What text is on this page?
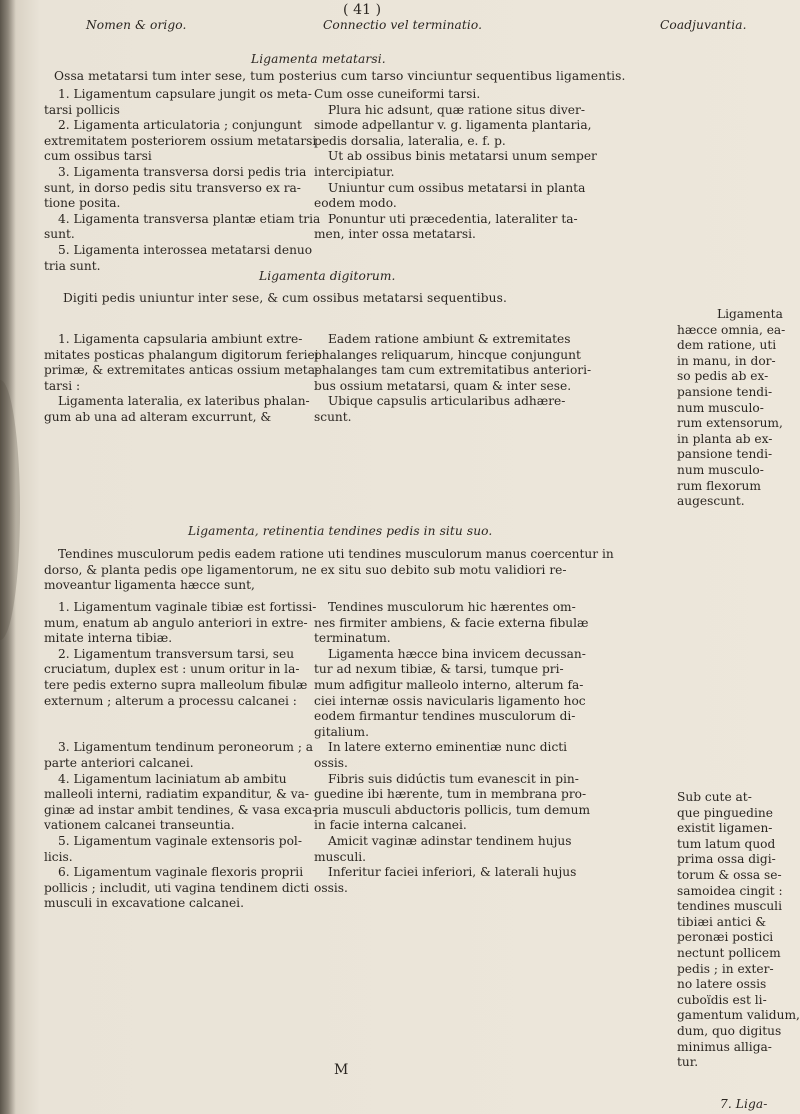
( 41 )
Nomen & origo.	Connectio vel terminatio.	Coadjuvantia.
Ligamenta metatarsi.
Ossa metatarsi tum inter sese, tum posterius cum tarso vinciuntur sequentibus ligamentis.

1. Ligamentum capsulare jungit os meta-

tarsi pollicis

2. Ligamenta articulatoria ; conjungunt

extremitatem posteriorem ossium metatarsi

cum ossibus tarsi

3. Ligamenta transversa dorsi pedis tria

sunt, in dorso pedis situ transverso ex ra-

tione posita.

4. Ligamenta transversa plantæ etiam tria

sunt.

5. Ligamenta interossea metatarsi denuo

tria sunt.

Cum osse cuneiformi tarsi.

Plura hic adsunt, quæ ratione situs diver-

simode adpellantur v. g. ligamenta plantaria,

pedis dorsalia, lateralia, e. f. p.

Ut ab ossibus binis metatarsi unum semper

intercipiatur.

Uniuntur cum ossibus metatarsi in planta

eodem modo.

Ponuntur uti præcedentia, lateraliter ta-

men, inter ossa metatarsi.

Ligamenta digitorum.
Digiti pedis uniuntur inter sese, & cum ossibus metatarsi sequentibus.

1. Ligamenta capsularia ambiunt extre-

mitates posticas phalangum digitorum feriei

primæ, & extremitates anticas ossium meta-

tarsi :

Ligamenta lateralia, ex lateribus phalan-

gum ab una ad alteram excurrunt, &

Eadem ratione ambiunt & extremitates

phalanges reliquarum, hincque conjungunt

phalanges tam cum extremitatibus anteriori-

bus ossium metatarsi, quam & inter sese.

Ubique capsulis articularibus adhære-

scunt.

Ligamenta

hæcce omnia, ea-

dem ratione, uti

in manu, in dor-

so pedis ab ex-

pansione tendi-

num musculo-

rum extensorum,

in planta ab ex-

pansione tendi-

num musculo-

rum flexorum

augescunt.

Ligamenta, retinentia tendines pedis in situ suo.

Tendines musculorum pedis eadem ratione uti tendines musculorum manus coercentur in

dorso, & planta pedis ope ligamentorum, ne ex situ suo debito sub motu validiori re-

moveantur ligamenta hæcce sunt,

1. Ligamentum vaginale tibiæ est fortissi-

mum, enatum ab angulo anteriori in extre-

mitate interna tibiæ.

2. Ligamentum transversum tarsi, seu

cruciatum, duplex est : unum oritur in la-

tere pedis externo supra malleolum fibulæ

externum ; alterum a processu calcanei :

3. Ligamentum tendinum peroneorum ; a

parte anteriori calcanei.

4. Ligamentum laciniatum ab ambitu

malleoli interni, radiatim expanditur, & va-

ginæ ad instar ambit tendines, & vasa exca-

vationem calcanei transeuntia.

5. Ligamentum vaginale extensoris pol-

licis.

6. Ligamentum vaginale flexoris proprii

pollicis ; includit, uti vagina tendinem dicti

musculi in excavatione calcanei.

Tendines musculorum hic hærentes om-

nes firmiter ambiens, & facie externa fibulæ

terminatum.

Ligamenta hæcce bina invicem decussan-

tur ad nexum tibiæ, & tarsi, tumque pri-

mum adfigitur malleolo interno, alterum fa-

ciei internæ ossis navicularis ligamento hoc

eodem firmantur tendines musculorum di-

gitalium.

In latere externo eminentiæ nunc dicti

ossis.

Fibris suis didúctis tum evanescit in pin-

guedine ibi hærente, tum in membrana pro-

pria musculi abductoris pollicis, tum demum

in facie interna calcanei.

Amicit vaginæ adinstar tendinem hujus

musculi.

Inferitur faciei inferiori, & laterali hujus

ossis.

Sub cute at-

que pinguedine

existit ligamen-

tum latum quod

prima ossa digi-

torum & ossa se-

samoidea cingit :

tendines musculi

tibiæi antici &

peronæi postici

nectunt pollicem

pedis ; in exter-

no latere ossis

cuboïdis est li-

gamentum validum,

dum, quo digitus

minimus alliga-

tur.

M
7. Liga-
